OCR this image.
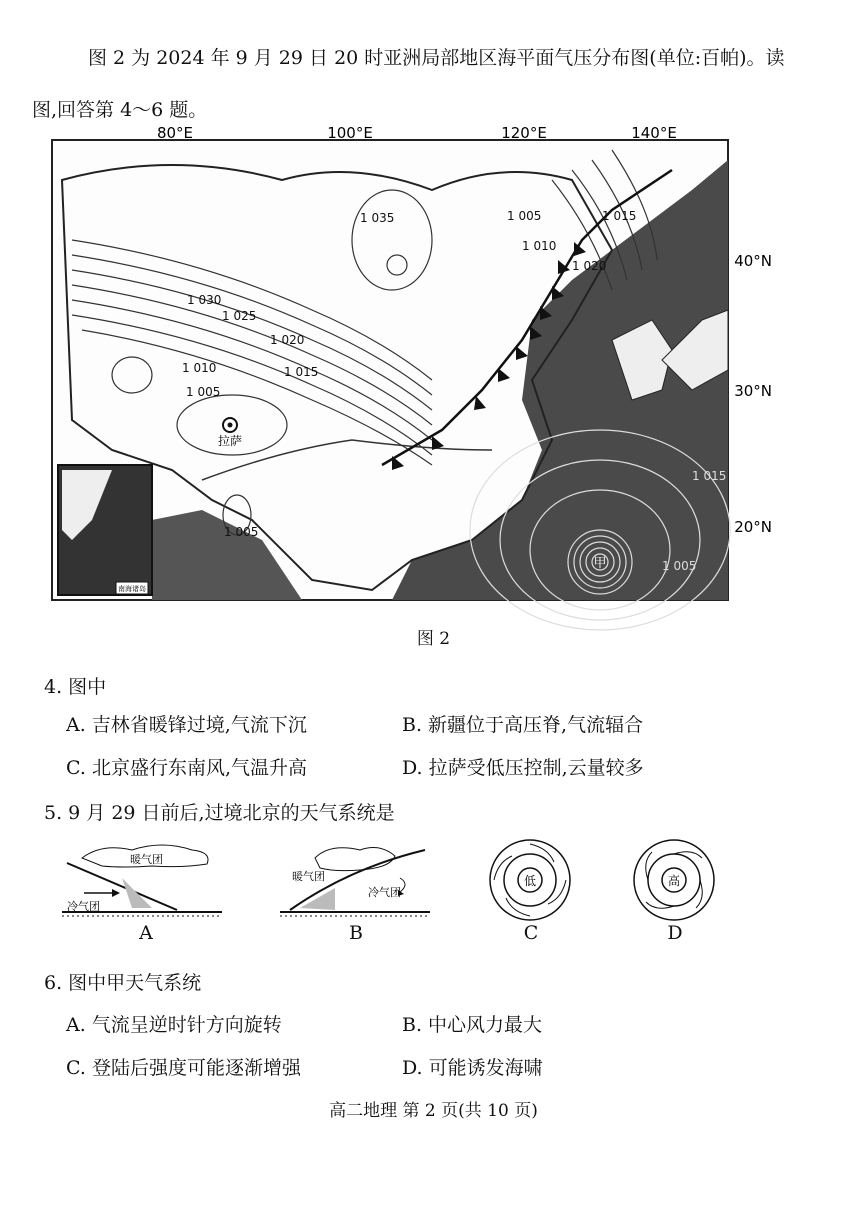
图 2 为 2024 年 9 月 29 日 20 时亚洲局部地区海平面气压分布图(单位:百帕)。读
图,回答第 4～6 题。
南海诸岛
80°E	100°E	120°E	140°E
40°N
30°N
20°N
1 035
1 030
1 025
1 020
1 015
1 010
1 005
1 005
1 005
1 010
1 015
1 020
1 015
1 005
拉萨
甲
图 2
4. 图中
A. 吉林省暖锋过境,气流下沉	B. 新疆位于高压脊,气流辐合
C. 北京盛行东南风,气温升高	D. 拉萨受低压控制,云量较多
5. 9 月 29 日前后,过境北京的天气系统是
暖气团
冷气团
A
暖气团
冷气团
B
低
C
高
D
6. 图中甲天气系统
A. 气流呈逆时针方向旋转	B. 中心风力最大
C. 登陆后强度可能逐渐增强	D. 可能诱发海啸
高二地理 第 2 页(共 10 页)
